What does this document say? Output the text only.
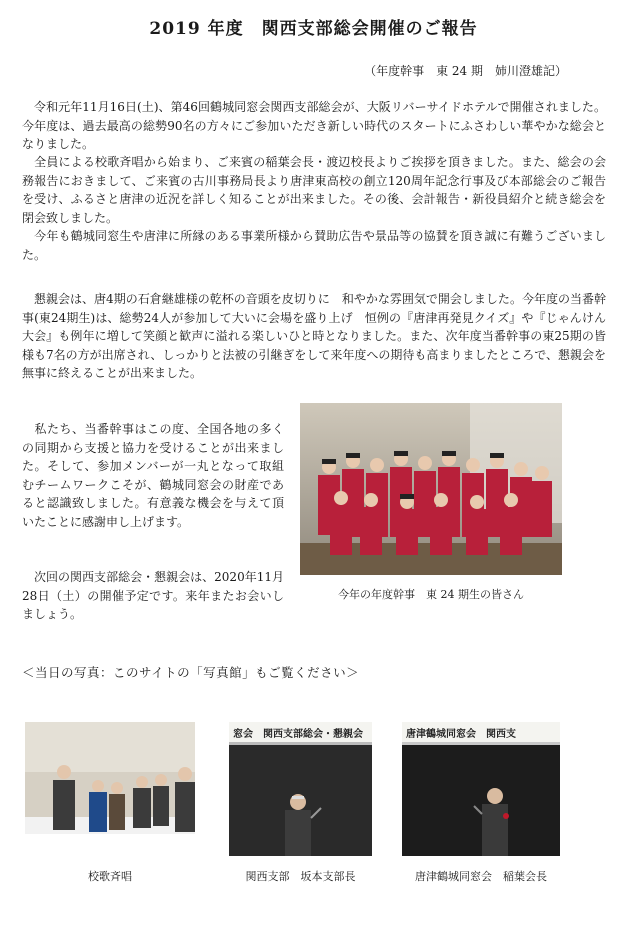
2019 年度　関西支部総会開催のご報告
（年度幹事　東 24 期　姉川澄雄記）

令和元年11月16日(土)、第46回鶴城同窓会関西支部総会が、大阪リバーサイドホテルで開催されました。今年度は、過去最高の総勢90名の方々にご参加いただき新しい時代のスタートにふさわしい華やかな総会となりました。

全員による校歌斉唱から始まり、ご来賓の稲葉会長・渡辺校長よりご挨拶を頂きました。また、総会の会務報告におきまして、ご来賓の古川事務局長より唐津東高校の創立120周年記念行事及び本部総会のご報告を受け、ふるさと唐津の近況を詳しく知ることが出来ました。その後、会計報告・新役員紹介と続き総会を閉会致しました。

今年も鶴城同窓生や唐津に所縁のある事業所様から賛助広告や景品等の協賛を頂き誠に有難うございました。

懇親会は、唐4期の石倉継雄様の乾杯の音頭を皮切りに　和やかな雰囲気で開会しました。今年度の当番幹事(東24期生)は、総勢24人が参加して大いに会場を盛り上げ　恒例の『唐津再発見クイズ』や『じゃんけん大会』も例年に増して笑顔と歓声に溢れる楽しいひと時となりました。また、次年度当番幹事の東25期の皆様も7名の方が出席され、しっかりと法被の引継ぎをして来年度への期待も高まりましたところで、懇親会を無事に終えることが出来ました。

私たち、当番幹事はこの度、全国各地の多くの同期から支援と協力を受けることが出来ました。そして、参加メンバーが一丸となって取組むチームワークこそが、鶴城同窓会の財産であると認識致しました。有意義な機会を与えて頂いたことに感謝申し上げます。

次回の関西支部総会・懇親会は、2020年11月28日（土）の開催予定です。来年またお会いしましょう。

今年の年度幹事　東 24 期生の皆さん
＜当日の写真：このサイトの「写真館」もご覧ください＞
校歌斉唱
窓会　関西支部総会・懇親会
関西支部　坂本支部長
唐津鶴城同窓会　関西支
唐津鶴城同窓会　稲葉会長
